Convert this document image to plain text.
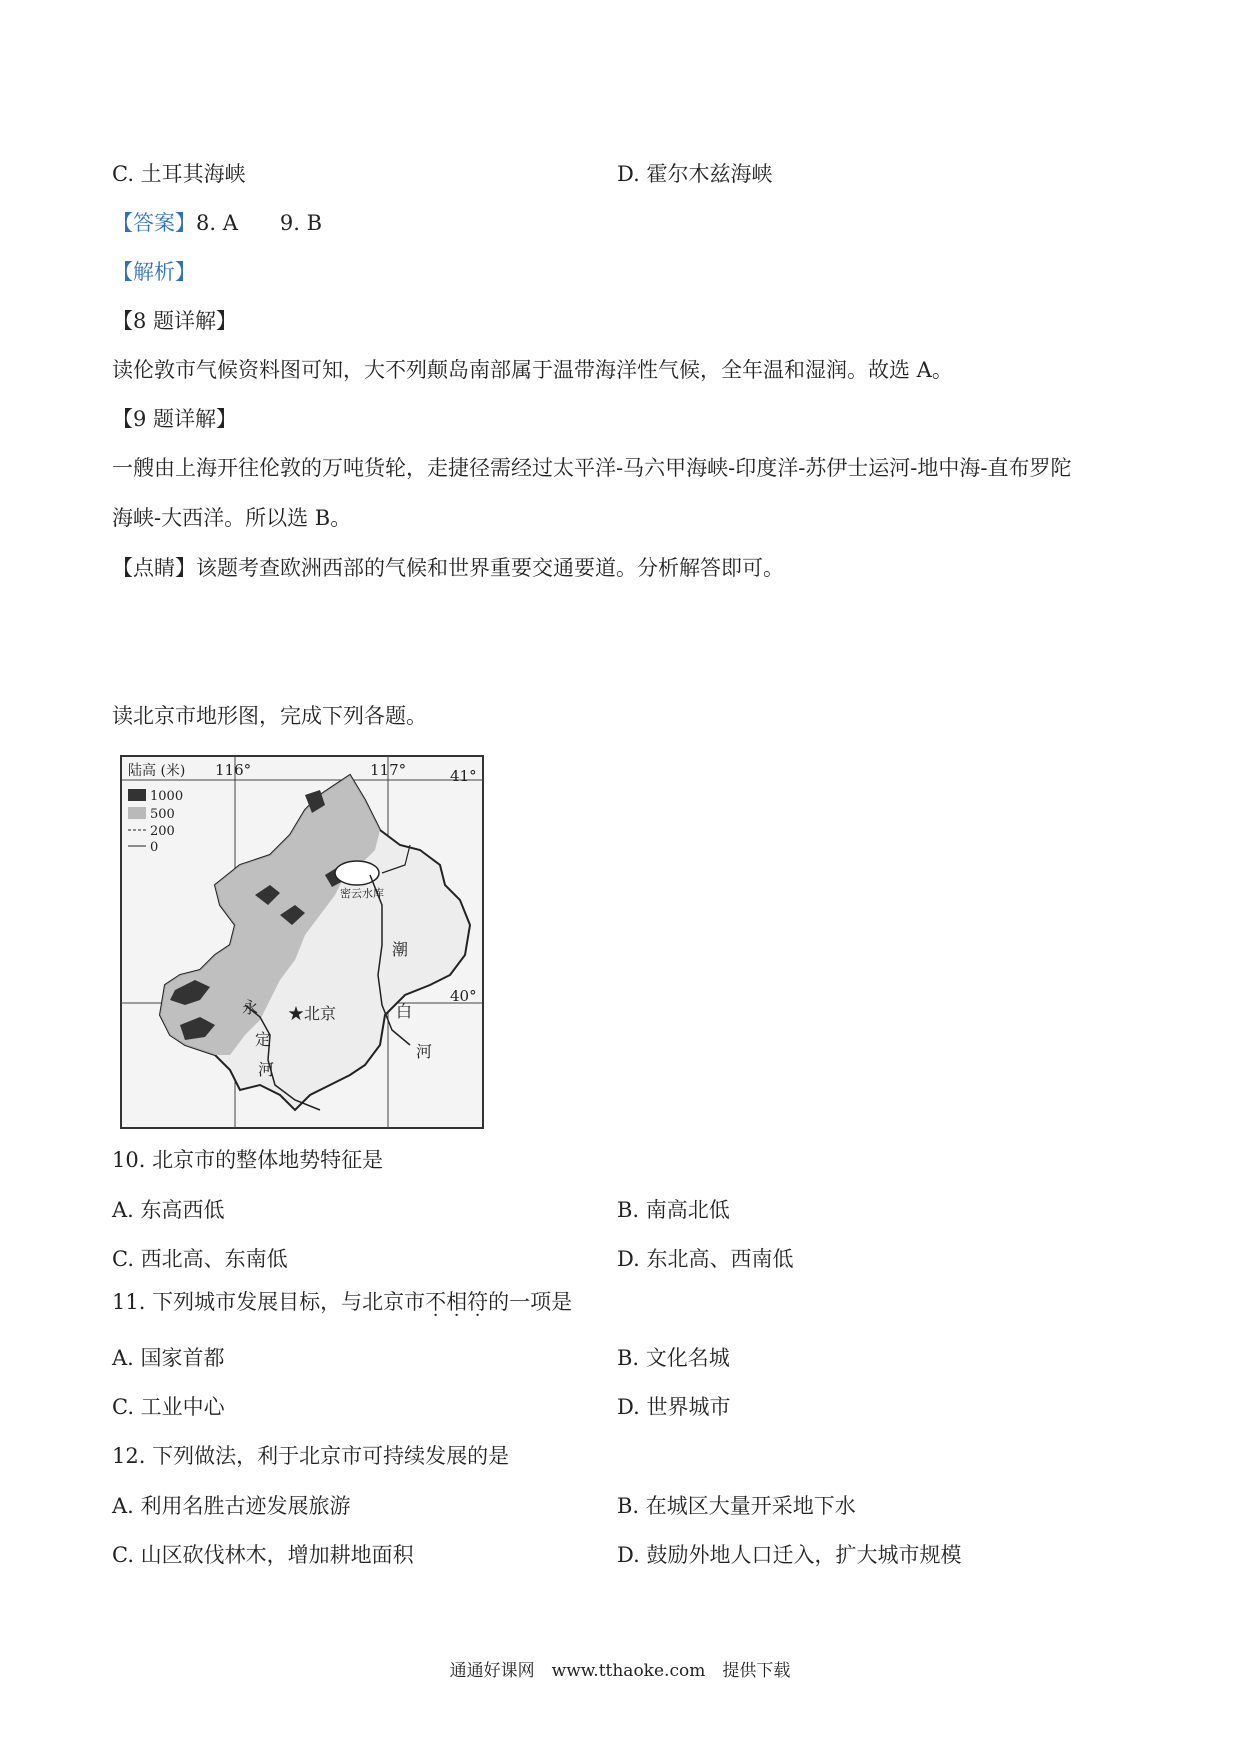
C. 土耳其海峡	D. 霍尔木兹海峡
【答案】8. A　　9. B
【解析】
【8 题详解】
读伦敦市气候资料图可知，大不列颠岛南部属于温带海洋性气候，全年温和湿润。故选 A。
【9 题详解】
一艘由上海开往伦敦的万吨货轮，走捷径需经过太平洋-马六甲海峡-印度洋-苏伊士运河-地中海-直布罗陀
海峡-大西洋。所以选 B。
【点睛】该题考查欧洲西部的气候和世界重要交通要道。分析解答即可。
读北京市地形图，完成下列各题。
陆高 (米)
1000
500
200
0
116°	117°	41°
40°
密云水库
★北京
潮
白
河
永
定
河
10. 北京市的整体地势特征是
A. 东高西低	B. 南高北低
C. 西北高、东南低	D. 东北高、西南低
11. 下列城市发展目标，与北京市不相符的一项是
A. 国家首都	B. 文化名城
C. 工业中心	D. 世界城市
12. 下列做法，利于北京市可持续发展的是
A. 利用名胜古迹发展旅游	B. 在城区大量开采地下水
C. 山区砍伐林木，增加耕地面积	D. 鼓励外地人口迁入，扩大城市规模
通通好课网　www.tthaoke.com　提供下载
